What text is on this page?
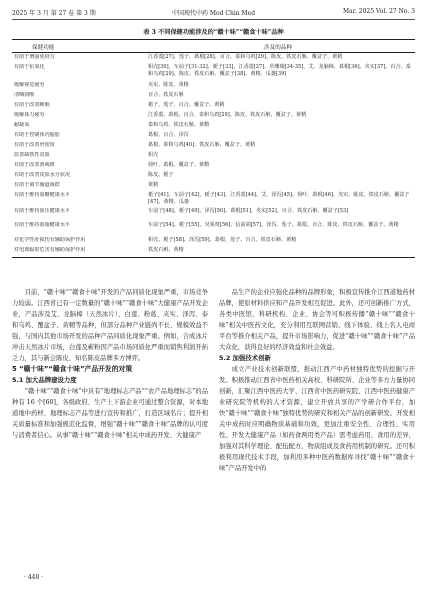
2025 年 3 月 第 27 卷 第 3 期	中国现代中药 Mod Chin Med	Mar. 2025 Vol. 27 No. 3
表 3 不同保健功能涉及的“赣十味”“赣食十味”品种
保健功能	涉及的品种
有助于增强免疫力	江香薷[27]、莲子、葛根[28]、百合、泰和乌鸡[29]、陈皮、铁皮石斛、覆盆子、黄精
有助于抗氧化	枳壳[30]、车前子[31-32]、栀子[33]、江香薷[27]、草珊瑚[34-35]、艾、龙脑樟、葛根[36]、夹实[37]、百合、泰和乌鸡[29]、陈皮、铁皮石斛、覆盆子[38]、黄精、瓜萎[39]
缓解视觉疲劳	夹实、陈皮、黄精
清咽润喉	百合、铁皮石斛
有助于改善睡眠	栀子、莲子、百合、覆盆子、黄精
缓解体力疲劳	江香薷、葛根、百合、泰和乌鸡[29]、陈皮、铁皮石斛、覆盆子、黄精
耐缺氧	泰和乌鸡、铁皮石斛、黄精
有助于控制体内脂肪	葛根、百合、泽泻
有助于改善骨密度	葛根、泰和乌鸡[40]、铁皮石斛、覆盆子、黄精
改善缺铁性贫血	枳壳
有助于改善黄褐斑	荷叶、葛根、覆盆子、黄精
有助于改善皮肤水分状况	陈皮、栀子
有助于调节肠道菌群	黄精
有助于维持血糖健康水平	栀子[41]、车前子[42]、栀子[43]、江香薷[44]、艾、泽泻[45]、荷叶、葛根[46]、夹实、陈皮、铁皮石斛、覆盆子[47]、黄精、瓜萎
有助于维持血压健康水平	车前子[48]、栀子[49]、泽泻[50]、葛根[51]、夹实[52]、百合、铁皮石斛、覆盆子[53]
有助于维持血脂健康水平	车前子[54]、栀子[55]、吴茱萸[56]、信前胡[57]、泽泻、莲子、葛根、百合、陈皮、铁皮石斛、覆盆子、黄精
对化学性肝损伤有辅助保护作用	枳壳、栀子[58]、泽泻[59]、葛根、莲子、百合、铁皮石斛、黄精
对电离辐射危害有辅助保护作用	铁皮石斛、黄精

目前，“赣十味”“赣食十味”开发的产品同质化现象严重，市场竞争力较弱。江西省已有一定数量的“赣十味”“赣食十味”大健康产品开发企业，产品涉及艾、龙脑樟（天然冰片）、白莲、粉葛、夹实、泽泻、泰和乌鸡、覆盆子、黄精等品种，但部分品种产业链尚不长、规模效益不强，与国内其他市场开发的品种产品同质化现象严重。例如，合成冰片冲击天然冰片市场，白莲及蕲粉因产品市场同质化严重而销售利润开拓乏力，其与新会陈皮、知名陈皮品牌多方博弈。

5 “赣十味”“赣食十味”产品开发的对策
5.1 加大品牌建设力度

“赣十味”“赣食十味”中具有“地理标志产品”“农产品地理标志”的品种有 16 个[60]，各级政府、生产上下游企业可通过整合资源，对本地道地中药材、地理标志产品等进行宣传和推广，打造区域名片；提升相关质量标准和加强规范化监督，增强“赣十味”“赣食十味”品牌的认可度与消费者信心。从事“赣十味”“赣食十味”相关中成药开发、大健康产

品生产的企业应强化品种的品牌形象，积极宣传推介江西道地药材品牌，使原材料供应和产品开发相互促进。此外，还可创新推广方式，各类中医馆、科研机构、企业、协会等可积极传播“赣十味”“赣食十味”相关中医药文化，充分利用互联网营销、线下体验、线上名人电商平台等推介相关产品，提升市场影响力，促进“赣十味”“赣食十味”产品大众化，获得良好的经济效益和社会效益。

5.2 加强技术创新

成立产业技术创新联盟，推动江西产中药材独特优势的挖掘与开发。积极推动江西省中医药相关高校、科研院所、企业等多方力量协同创新，汇聚江西中医药大学、江西省中医药研究院、江西中医药健康产业研究院等机构的人才资源，建立开放共享的产学研合作平台，加快“赣十味”“赣食十味”独特优势的研究和相关产品的创新研发。开发相关中成药时应明确物质基础和功效，更加注重安全性、合理性、实用性。开发大健康产品（如药食两用类产品）需考虑药用、食用的差异，加强对其科学理论、配伍配方、物质组成及食药用机制的研究。还可积极利用现代技术手段，加利用多种中医药数据库寻找“赣十味”“赣食十味”产品开发中的

· 448 ·
